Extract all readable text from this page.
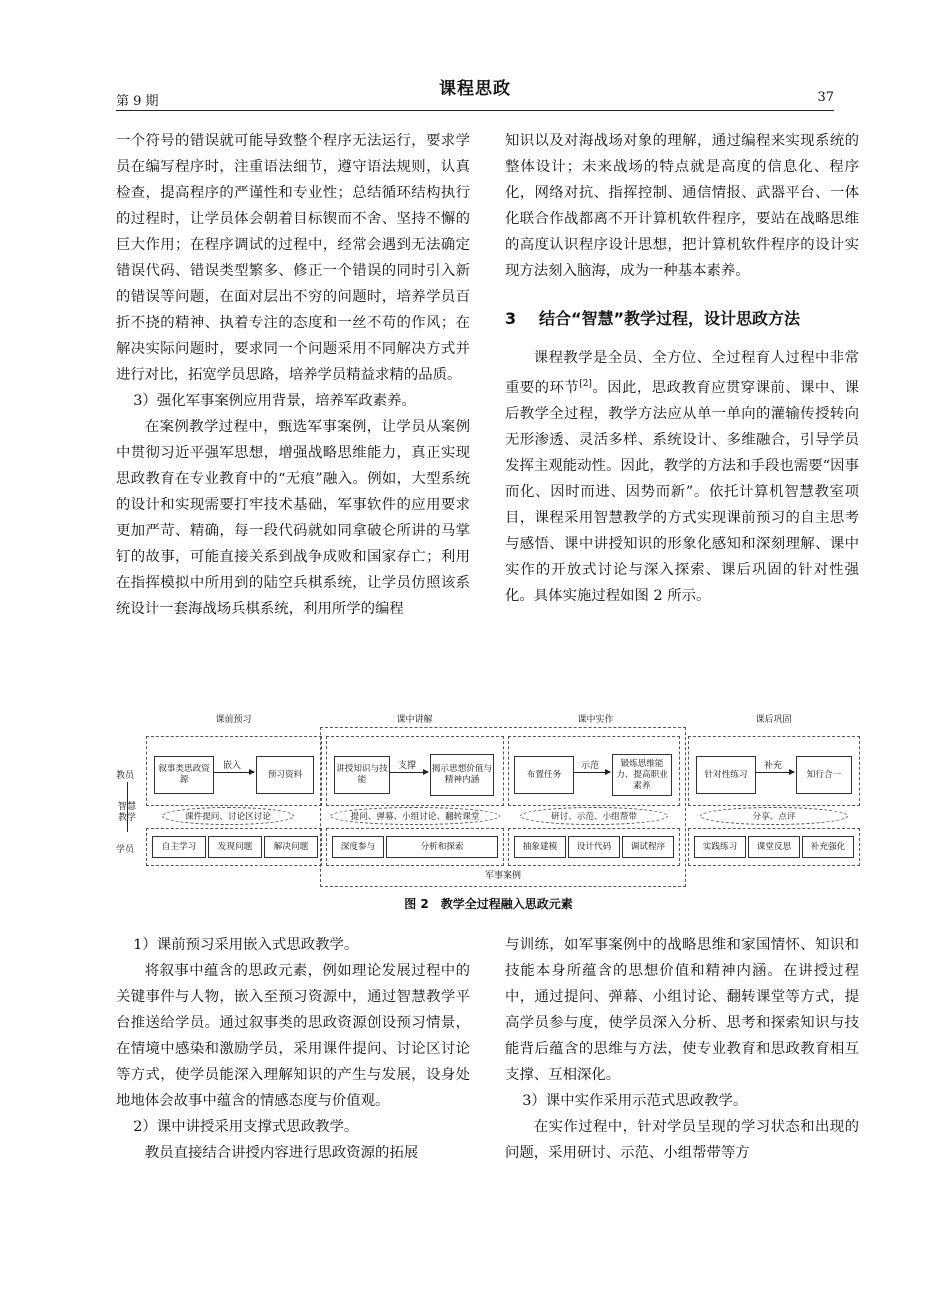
第 9 期
课程思政	37

一个符号的错误就可能导致整个程序无法运行，要求学员在编写程序时，注重语法细节，遵守语法规则，认真检查，提高程序的严谨性和专业性；总结循环结构执行的过程时，让学员体会朝着目标锲而不舍、坚持不懈的巨大作用；在程序调试的过程中，经常会遇到无法确定错误代码、错误类型繁多、修正一个错误的同时引入新的错误等问题，在面对层出不穷的问题时，培养学员百折不挠的精神、执着专注的态度和一丝不苟的作风；在解决实际问题时，要求同一个问题采用不同解决方式并进行对比，拓宽学员思路，培养学员精益求精的品质。

3）强化军事案例应用背景，培养军政素养。

在案例教学过程中，甄选军事案例，让学员从案例中贯彻习近平强军思想，增强战略思维能力，真正实现思政教育在专业教育中的“无痕”融入。例如，大型系统的设计和实现需要打牢技术基础，军事软件的应用要求更加严苛、精确，每一段代码就如同拿破仑所讲的马掌钉的故事，可能直接关系到战争成败和国家存亡；利用在指挥模拟中所用到的陆空兵棋系统，让学员仿照该系统设计一套海战场兵棋系统，利用所学的编程

知识以及对海战场对象的理解，通过编程来实现系统的整体设计；未来战场的特点就是高度的信息化、程序化，网络对抗、指挥控制、通信情报、武器平台、一体化联合作战都离不开计算机软件程序，要站在战略思维的高度认识程序设计思想，把计算机软件程序的设计实现方法刻入脑海，成为一种基本素养。

3 结合“智慧”教学过程，设计思政方法

课程教学是全员、全方位、全过程育人过程中非常重要的环节[2]。因此，思政教育应贯穿课前、课中、课后教学全过程，教学方法应从单一单向的灌输传授转向无形渗透、灵活多样、系统设计、多维融合，引导学员发挥主观能动性。因此，教学的方法和手段也需要“因事而化、因时而进、因势而新”。依托计算机智慧教室项目，课程采用智慧教学的方式实现课前预习的自主思考与感悟、课中讲授知识的形象化感知和深刻理解、课中实作的开放式讨论与深入探索、课后巩固的针对性强化。具体实施过程如图 2 所示。

课前预习	课中讲解	课中实作	课后巩固
教员
智慧教学
学员
叙事类思政资源
嵌入
预习资料
讲授知识与技能
支撑 揭示思想价值与精神内涵
布置任务
示范	锻炼思维能力、提高职业素养
针对性练习
补充
知行合一
课件提问、讨论区讨论	提问、弹幕、小组讨论、翻转课堂	研讨、示范、小组帮带	分享、点评
自主学习	发现问题	解决问题	深度参与	分析和探索	抽象建模	设计代码	调试程序	实践练习	课堂反思	补充强化
军事案例
图 2　教学全过程融入思政元素

1）课前预习采用嵌入式思政教学。

将叙事中蕴含的思政元素，例如理论发展过程中的关键事件与人物，嵌入至预习资源中，通过智慧教学平台推送给学员。通过叙事类的思政资源创设预习情景，在情境中感染和激励学员，采用课件提问、讨论区讨论等方式，使学员能深入理解知识的产生与发展，设身处地地体会故事中蕴含的情感态度与价值观。

2）课中讲授采用支撑式思政教学。

教员直接结合讲授内容进行思政资源的拓展

与训练，如军事案例中的战略思维和家国情怀、知识和技能本身所蕴含的思想价值和精神内涵。在讲授过程中，通过提问、弹幕、小组讨论、翻转课堂等方式，提高学员参与度，使学员深入分析、思考和探索知识与技能背后蕴含的思维与方法，使专业教育和思政教育相互支撑、互相深化。

3）课中实作采用示范式思政教学。

在实作过程中，针对学员呈现的学习状态和出现的问题，采用研讨、示范、小组帮带等方
